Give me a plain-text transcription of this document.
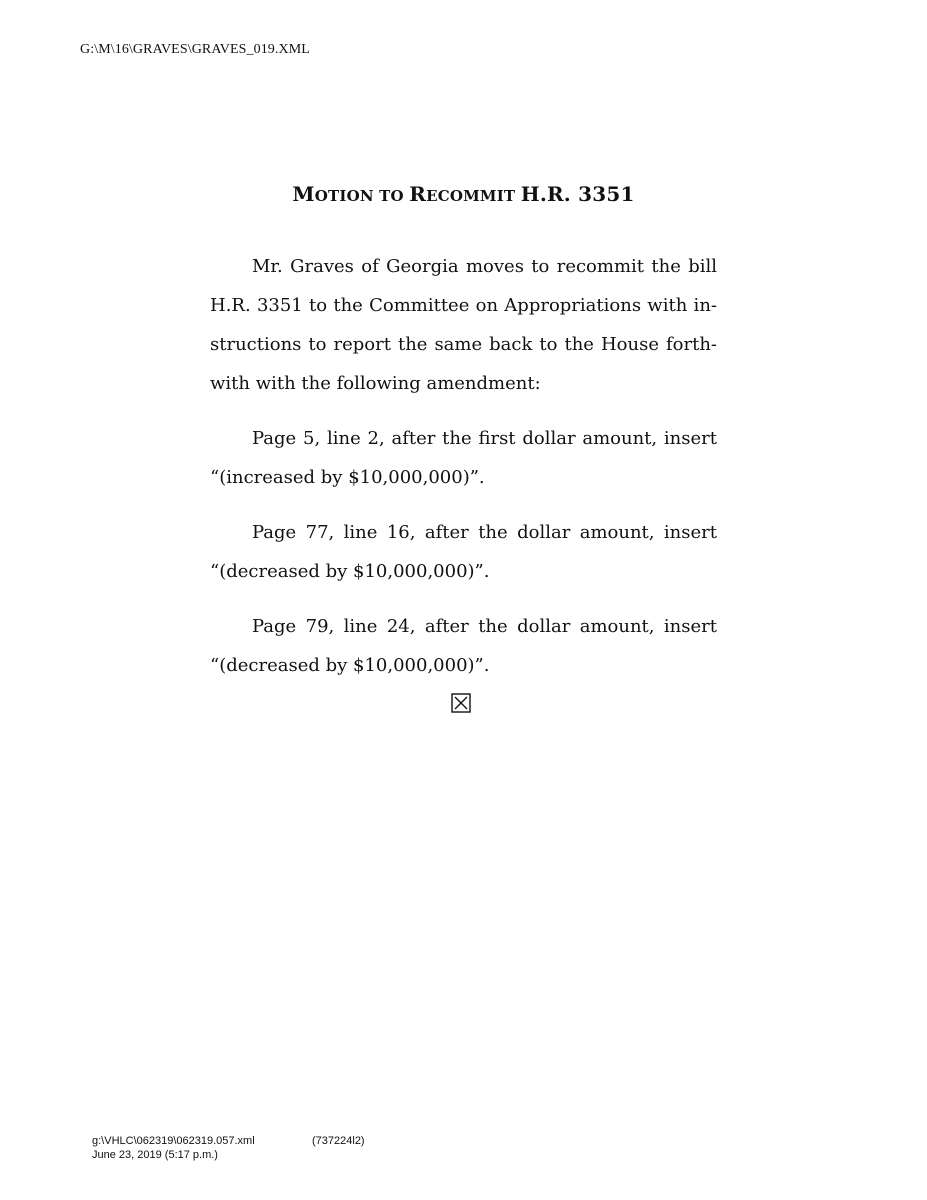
G:\M\16\GRAVES\GRAVES_019.XML
MOTION TO RECOMMIT H.R. 3351
Mr. Graves of Georgia moves to recommit the bill
H.R. 3351 to the Committee on Appropriations with in-
structions to report the same back to the House forth-
with with the following amendment:
Page 5, line 2, after the first dollar amount, insert
“(increased by $10,000,000)”.
Page 77, line 16, after the dollar amount, insert
“(decreased by $10,000,000)”.
Page 79, line 24, after the dollar amount, insert
“(decreased by $10,000,000)”.
g:\VHLC\062319\062319.057.xml	(737224l2)
June 23, 2019 (5:17 p.m.)
